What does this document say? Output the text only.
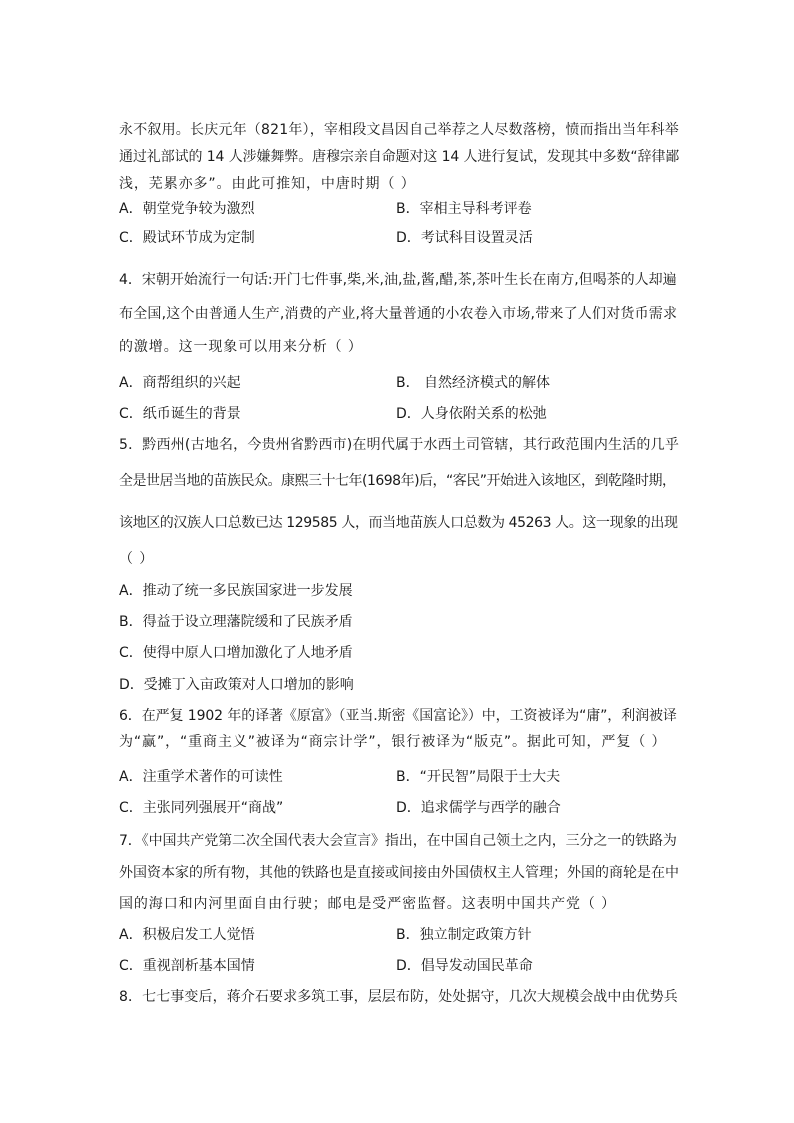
永不叙用。长庆元年（821年），宰相段文昌因自己举荐之人尽数落榜，愤而指出当年科举
通过礼部试的 14 人涉嫌舞弊。唐穆宗亲自命题对这 14 人进行复试，发现其中多数“辞律鄙
浅，芜累亦多”。由此可推知，中唐时期（ ）
A．朝堂党争较为激烈	B．宰相主导科考评卷
C．殿试环节成为定制	D．考试科目设置灵活
4．宋朝开始流行一句话:开门七件事,柴,米,油,盐,酱,醋,茶,茶叶生长在南方,但喝茶的人却遍
布全国,这个由普通人生产,消费的产业,将大量普通的小农卷入市场,带来了人们对货币需求
的激增。这一现象可以用来分析（ ）
A．商帮组织的兴起	B． 自然经济模式的解体
C．纸币诞生的背景	D．人身依附关系的松弛
5．黔西州(古地名，今贵州省黔西市)在明代属于水西土司管辖，其行政范围内生活的几乎
全是世居当地的苗族民众。康熙三十七年(1698年)后，“客民”开始进入该地区，到乾隆时期，
该地区的汉族人口总数已达 129585 人，而当地苗族人口总数为 45263 人。这一现象的出现
（ ）
A．推动了统一多民族国家进一步发展
B．得益于设立理藩院缓和了民族矛盾
C．使得中原人口增加激化了人地矛盾
D．受摊丁入亩政策对人口增加的影响
6．在严复 1902 年的译著《原富》（亚当.斯密《国富论》）中，工资被译为“庸”，利润被译
为“赢”，“重商主义”被译为“商宗计学”，银行被译为“版克”。据此可知，严复（ ）
A．注重学术著作的可读性	B．“开民智”局限于士大夫
C．主张同列强展开“商战”	D．追求儒学与西学的融合
7．《中国共产党第二次全国代表大会宣言》指出，在中国自己领土之内，三分之一的铁路为
外国资本家的所有物，其他的铁路也是直接或间接由外国债权主人管理；外国的商轮是在中
国的海口和内河里面自由行驶；邮电是受严密监督。这表明中国共产党（ ）
A．积极启发工人觉悟	B．独立制定政策方针
C．重视剖析基本国情	D．倡导发动国民革命
8．七七事变后，蒋介石要求多筑工事，层层布防，处处据守，几次大规模会战中由优势兵
